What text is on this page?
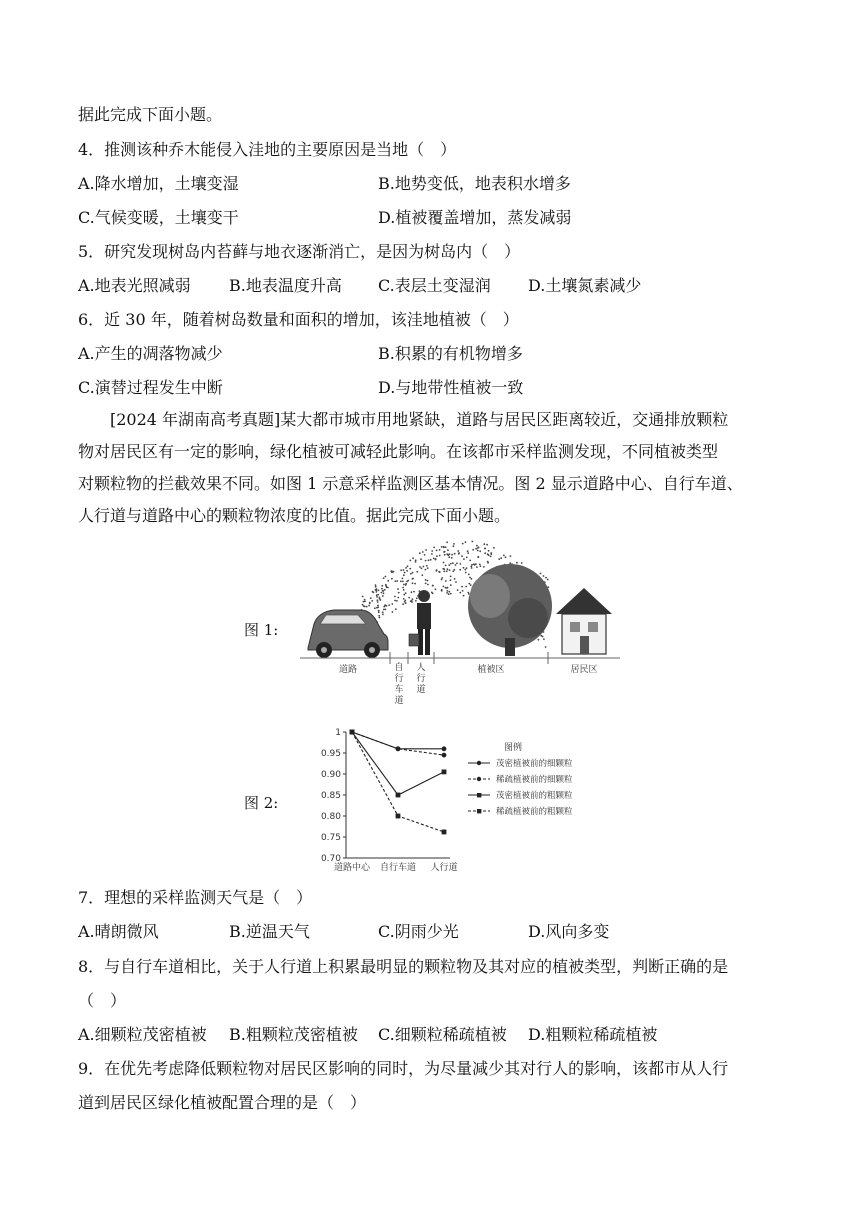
据此完成下面小题。
4．推测该种乔木能侵入洼地的主要原因是当地（　）
A.降水增加，土壤变湿	B.地势变低，地表积水增多
C.气候变暖，土壤变干	D.植被覆盖增加，蒸发减弱
5．研究发现树岛内苔藓与地衣逐渐消亡，是因为树岛内（　）
A.地表光照减弱 B.地表温度升高 C.表层土变湿润 D.土壤氮素减少
6．近 30 年，随着树岛数量和面积的增加，该洼地植被（　）
A.产生的凋落物减少	B.积累的有机物增多
C.演替过程发生中断	D.与地带性植被一致
[2024 年湖南高考真题]某大都市城市用地紧缺，道路与居民区距离较近，交通排放颗粒
物对居民区有一定的影响，绿化植被可减轻此影响。在该都市采样监测发现，不同植被类型
对颗粒物的拦截效果不同。如图 1 示意采样监测区基本情况。图 2 显示道路中心、自行车道、
人行道与道路中心的颗粒物浓度的比值。据此完成下面小题。
图 1:
道路	自行车道
人行道
植被区	居民区
图 2:
0.70
0.75
0.80
0.85
0.90
0.95
1
道路中心 自行车道 人行道
图例
茂密植被前的细颗粒
稀疏植被前的细颗粒
茂密植被前的粗颗粒
稀疏植被前的粗颗粒
7．理想的采样监测天气是（　）
A.晴朗微风	B.逆温天气	C.阴雨少光	D.风向多变
8．与自行车道相比，关于人行道上积累最明显的颗粒物及其对应的植被类型，判断正确的是
（　）
A.细颗粒茂密植被 B.粗颗粒茂密植被 C.细颗粒稀疏植被 D.粗颗粒稀疏植被
9．在优先考虑降低颗粒物对居民区影响的同时，为尽量减少其对行人的影响，该都市从人行
道到居民区绿化植被配置合理的是（　）
